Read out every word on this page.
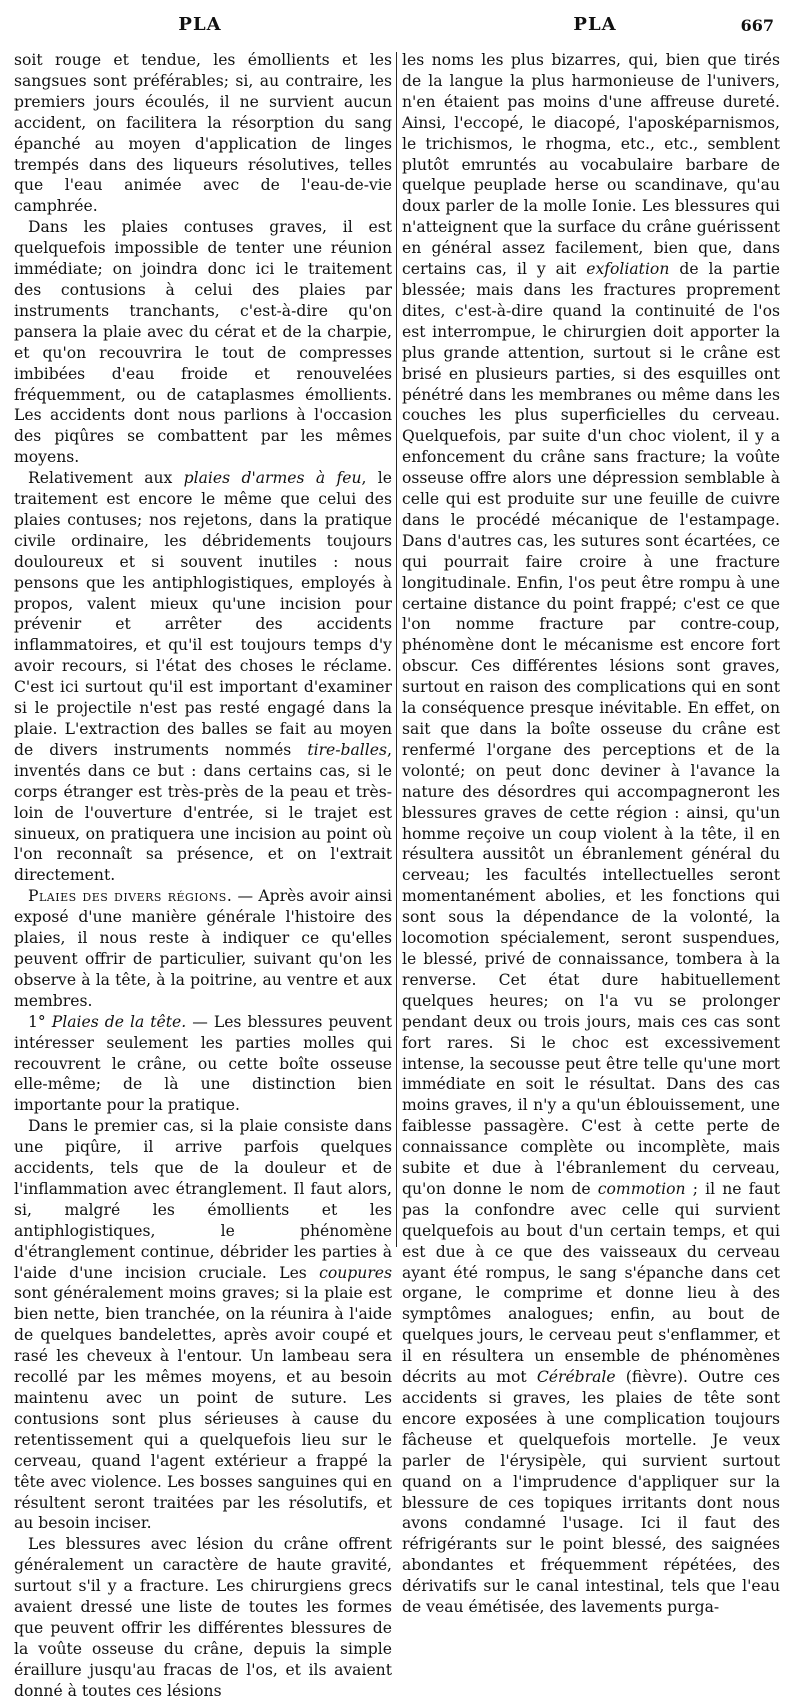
PLA	PLA	667

soit rouge et tendue, les émollients et les sangsues sont préférables; si, au contraire, les premiers jours écoulés, il ne survient aucun accident, on facilitera la résorption du sang épanché au moyen d'application de linges trempés dans des liqueurs résolutives, telles que l'eau animée avec de l'eau-de-vie camphrée.

Dans les plaies contuses graves, il est quelquefois impossible de tenter une réunion immédiate; on joindra donc ici le traitement des contusions à celui des plaies par instruments tranchants, c'est-à-dire qu'on pansera la plaie avec du cérat et de la charpie, et qu'on recouvrira le tout de compresses imbibées d'eau froide et renouvelées fréquemment, ou de cataplasmes émollients. Les accidents dont nous parlions à l'occasion des piqûres se combattent par les mêmes moyens.

Relativement aux plaies d'armes à feu, le traitement est encore le même que celui des plaies contuses; nos rejetons, dans la pratique civile ordinaire, les débridements toujours douloureux et si souvent inutiles : nous pensons que les antiphlogistiques, employés à propos, valent mieux qu'une incision pour prévenir et arrêter des accidents inflammatoires, et qu'il est toujours temps d'y avoir recours, si l'état des choses le réclame. C'est ici surtout qu'il est important d'examiner si le projectile n'est pas resté engagé dans la plaie. L'extraction des balles se fait au moyen de divers instruments nommés tire-balles, inventés dans ce but : dans certains cas, si le corps étranger est très-près de la peau et très-loin de l'ouverture d'entrée, si le trajet est sinueux, on pratiquera une incision au point où l'on reconnaît sa présence, et on l'extrait directement.

Plaies des divers régions. — Après avoir ainsi exposé d'une manière générale l'histoire des plaies, il nous reste à indiquer ce qu'elles peuvent offrir de particulier, suivant qu'on les observe à la tête, à la poitrine, au ventre et aux membres.

1° Plaies de la tête. — Les blessures peuvent intéresser seulement les parties molles qui recouvrent le crâne, ou cette boîte osseuse elle-même; de là une distinction bien importante pour la pratique.

Dans le premier cas, si la plaie consiste dans une piqûre, il arrive parfois quelques accidents, tels que de la douleur et de l'inflammation avec étranglement. Il faut alors, si, malgré les émollients et les antiphlogistiques, le phénomène d'étranglement continue, débrider les parties à l'aide d'une incision cruciale. Les coupures sont généralement moins graves; si la plaie est bien nette, bien tranchée, on la réunira à l'aide de quelques bandelettes, après avoir coupé et rasé les cheveux à l'entour. Un lambeau sera recollé par les mêmes moyens, et au besoin maintenu avec un point de suture. Les contusions sont plus sérieuses à cause du retentissement qui a quelquefois lieu sur le cerveau, quand l'agent extérieur a frappé la tête avec violence. Les bosses sanguines qui en résultent seront traitées par les résolutifs, et au besoin inciser.

Les blessures avec lésion du crâne offrent généralement un caractère de haute gravité, surtout s'il y a fracture. Les chirurgiens grecs avaient dressé une liste de toutes les formes que peuvent offrir les différentes blessures de la voûte osseuse du crâne, depuis la simple éraillure jusqu'au fracas de l'os, et ils avaient donné à toutes ces lésions

les noms les plus bizarres, qui, bien que tirés de la langue la plus harmonieuse de l'univers, n'en étaient pas moins d'une affreuse dureté. Ainsi, l'eccopé, le diacopé, l'aposképarnismos, le trichismos, le rhogma, etc., etc., semblent plutôt emruntés au vocabulaire barbare de quelque peuplade herse ou scandinave, qu'au doux parler de la molle Ionie. Les blessures qui n'atteignent que la surface du crâne guérissent en général assez facilement, bien que, dans certains cas, il y ait exfoliation de la partie blessée; mais dans les fractures proprement dites, c'est-à-dire quand la continuité de l'os est interrompue, le chirurgien doit apporter la plus grande attention, surtout si le crâne est brisé en plusieurs parties, si des esquilles ont pénétré dans les membranes ou même dans les couches les plus superficielles du cerveau. Quelquefois, par suite d'un choc violent, il y a enfoncement du crâne sans fracture; la voûte osseuse offre alors une dépression semblable à celle qui est produite sur une feuille de cuivre dans le procédé mécanique de l'estampage. Dans d'autres cas, les sutures sont écartées, ce qui pourrait faire croire à une fracture longitudinale. Enfin, l'os peut être rompu à une certaine distance du point frappé; c'est ce que l'on nomme fracture par contre-coup, phénomène dont le mécanisme est encore fort obscur. Ces différentes lésions sont graves, surtout en raison des complications qui en sont la conséquence presque inévitable. En effet, on sait que dans la boîte osseuse du crâne est renfermé l'organe des perceptions et de la volonté; on peut donc deviner à l'avance la nature des désordres qui accompagneront les blessures graves de cette région : ainsi, qu'un homme reçoive un coup violent à la tête, il en résultera aussitôt un ébranlement général du cerveau; les facultés intellectuelles seront momentanément abolies, et les fonctions qui sont sous la dépendance de la volonté, la locomotion spécialement, seront suspendues, le blessé, privé de connaissance, tombera à la renverse. Cet état dure habituellement quelques heures; on l'a vu se prolonger pendant deux ou trois jours, mais ces cas sont fort rares. Si le choc est excessivement intense, la secousse peut être telle qu'une mort immédiate en soit le résultat. Dans des cas moins graves, il n'y a qu'un éblouissement, une faiblesse passagère. C'est à cette perte de connaissance complète ou incomplète, mais subite et due à l'ébranlement du cerveau, qu'on donne le nom de commotion ; il ne faut pas la confondre avec celle qui survient quelquefois au bout d'un certain temps, et qui est due à ce que des vaisseaux du cerveau ayant été rompus, le sang s'épanche dans cet organe, le comprime et donne lieu à des symptômes analogues; enfin, au bout de quelques jours, le cerveau peut s'enflammer, et il en résultera un ensemble de phénomènes décrits au mot Cérébrale (fièvre). Outre ces accidents si graves, les plaies de tête sont encore exposées à une complication toujours fâcheuse et quelquefois mortelle. Je veux parler de l'érysipèle, qui survient surtout quand on a l'imprudence d'appliquer sur la blessure de ces topiques irritants dont nous avons condamné l'usage. Ici il faut des réfrigérants sur le point blessé, des saignées abondantes et fréquemment répétées, des dérivatifs sur le canal intestinal, tels que l'eau de veau émétisée, des lavements purga-
